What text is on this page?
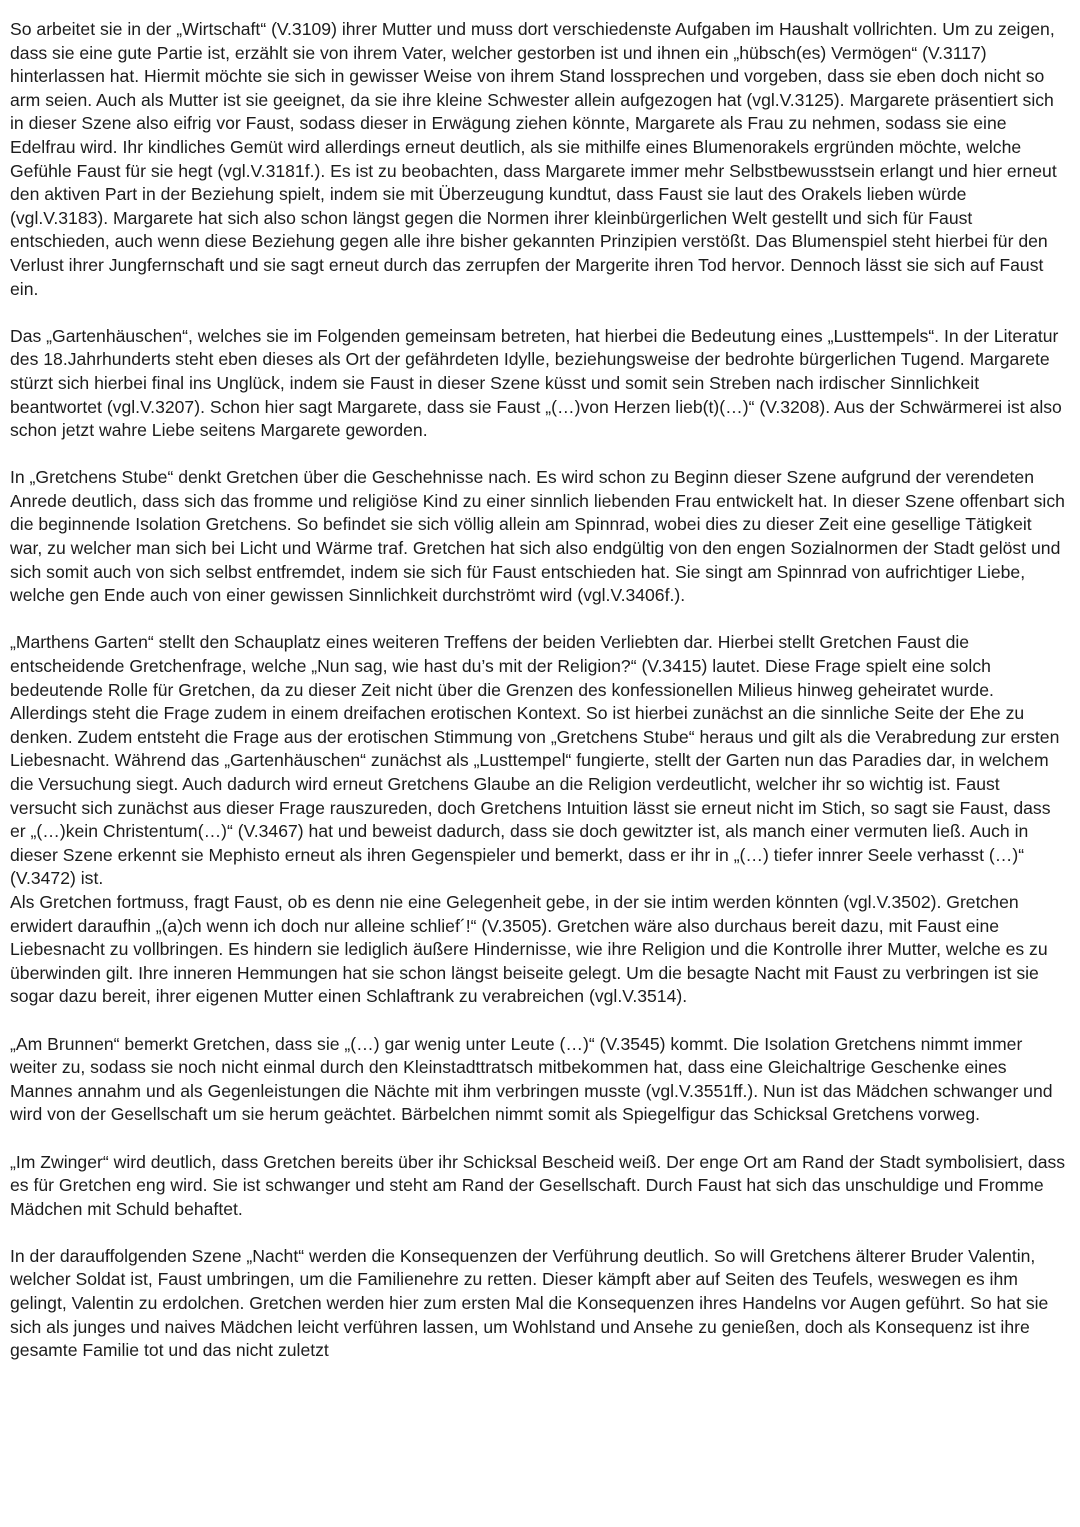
So arbeitet sie in der „Wirtschaft“ (V.3109) ihrer Mutter und muss dort verschiedenste Aufgaben im Haushalt vollrichten. Um zu zeigen, dass sie eine gute Partie ist, erzählt sie von ihrem Vater, welcher gestorben ist und ihnen ein „hübsch(es) Vermögen“ (V.3117) hinterlassen hat. Hiermit möchte sie sich in gewisser Weise von ihrem Stand lossprechen und vorgeben, dass sie eben doch nicht so arm seien. Auch als Mutter ist sie geeignet, da sie ihre kleine Schwester allein aufgezogen hat (vgl.V.3125). Margarete präsentiert sich in dieser Szene also eifrig vor Faust, sodass dieser in Erwägung ziehen könnte, Margarete als Frau zu nehmen, sodass sie eine Edelfrau wird. Ihr kindliches Gemüt wird allerdings erneut deutlich, als sie mithilfe eines Blumenorakels ergründen möchte, welche Gefühle Faust für sie hegt (vgl.V.3181f.). Es ist zu beobachten, dass Margarete immer mehr Selbstbewusstsein erlangt und hier erneut den aktiven Part in der Beziehung spielt, indem sie mit Überzeugung kundtut, dass Faust sie laut des Orakels lieben würde (vgl.V.3183). Margarete hat sich also schon längst gegen die Normen ihrer kleinbürgerlichen Welt gestellt und sich für Faust entschieden, auch wenn diese Beziehung gegen alle ihre bisher gekannten Prinzipien verstößt. Das Blumenspiel steht hierbei für den Verlust ihrer Jungfernschaft und sie sagt erneut durch das zerrupfen der Margerite ihren Tod hervor. Dennoch lässt sie sich auf Faust ein.

Das „Gartenhäuschen“, welches sie im Folgenden gemeinsam betreten, hat hierbei die Bedeutung eines „Lusttempels“. In der Literatur des 18.Jahrhunderts steht eben dieses als Ort der gefährdeten Idylle, beziehungsweise der bedrohte bürgerlichen Tugend. Margarete stürzt sich hierbei final ins Unglück, indem sie Faust in dieser Szene küsst und somit sein Streben nach irdischer Sinnlichkeit beantwortet (vgl.V.3207). Schon hier sagt Margarete, dass sie Faust „(…)von Herzen lieb(t)(…)“ (V.3208). Aus der Schwärmerei ist also schon jetzt wahre Liebe seitens Margarete geworden.

In „Gretchens Stube“ denkt Gretchen über die Geschehnisse nach. Es wird schon zu Beginn dieser Szene aufgrund der verendeten Anrede deutlich, dass sich das fromme und religiöse Kind zu einer sinnlich liebenden Frau entwickelt hat. In dieser Szene offenbart sich die beginnende Isolation Gretchens. So befindet sie sich völlig allein am Spinnrad, wobei dies zu dieser Zeit eine gesellige Tätigkeit war, zu welcher man sich bei Licht und Wärme traf. Gretchen hat sich also endgültig von den engen Sozialnormen der Stadt gelöst und sich somit auch von sich selbst entfremdet, indem sie sich für Faust entschieden hat. Sie singt am Spinnrad von aufrichtiger Liebe, welche gen Ende auch von einer gewissen Sinnlichkeit durchströmt wird (vgl.V.3406f.).

„Marthens Garten“ stellt den Schauplatz eines weiteren Treffens der beiden Verliebten dar. Hierbei stellt Gretchen Faust die entscheidende Gretchenfrage, welche „Nun sag, wie hast du’s mit der Religion?“ (V.3415) lautet. Diese Frage spielt eine solch bedeutende Rolle für Gretchen, da zu dieser Zeit nicht über die Grenzen des konfessionellen Milieus hinweg geheiratet wurde. Allerdings steht die Frage zudem in einem dreifachen erotischen Kontext. So ist hierbei zunächst an die sinnliche Seite der Ehe zu denken. Zudem entsteht die Frage aus der erotischen Stimmung von „Gretchens Stube“ heraus und gilt als die Verabredung zur ersten Liebesnacht. Während das „Gartenhäuschen“ zunächst als „Lusttempel“ fungierte, stellt der Garten nun das Paradies dar, in welchem die Versuchung siegt. Auch dadurch wird erneut Gretchens Glaube an die Religion verdeutlicht, welcher ihr so wichtig ist. Faust versucht sich zunächst aus dieser Frage rauszureden, doch Gretchens Intuition lässt sie erneut nicht im Stich, so sagt sie Faust, dass er „(…)kein Christentum(…)“ (V.3467) hat und beweist dadurch, dass sie doch gewitzter ist, als manch einer vermuten ließ. Auch in dieser Szene erkennt sie Mephisto erneut als ihren Gegenspieler und bemerkt, dass er ihr in „(…) tiefer innrer Seele verhasst (…)“ (V.3472) ist.

Als Gretchen fortmuss, fragt Faust, ob es denn nie eine Gelegenheit gebe, in der sie intim werden könnten (vgl.V.3502). Gretchen erwidert daraufhin „(a)ch wenn ich doch nur alleine schlief´!“ (V.3505). Gretchen wäre also durchaus bereit dazu, mit Faust eine Liebesnacht zu vollbringen. Es hindern sie lediglich äußere Hindernisse, wie ihre Religion und die Kontrolle ihrer Mutter, welche es zu überwinden gilt. Ihre inneren Hemmungen hat sie schon längst beiseite gelegt. Um die besagte Nacht mit Faust zu verbringen ist sie sogar dazu bereit, ihrer eigenen Mutter einen Schlaftrank zu verabreichen (vgl.V.3514).

„Am Brunnen“ bemerkt Gretchen, dass sie „(…) gar wenig unter Leute (…)“ (V.3545) kommt. Die Isolation Gretchens nimmt immer weiter zu, sodass sie noch nicht einmal durch den Kleinstadttratsch mitbekommen hat, dass eine Gleichaltrige Geschenke eines Mannes annahm und als Gegenleistungen die Nächte mit ihm verbringen musste (vgl.V.3551ff.). Nun ist das Mädchen schwanger und wird von der Gesellschaft um sie herum geächtet. Bärbelchen nimmt somit als Spiegelfigur das Schicksal Gretchens vorweg.

„Im Zwinger“ wird deutlich, dass Gretchen bereits über ihr Schicksal Bescheid weiß. Der enge Ort am Rand der Stadt symbolisiert, dass es für Gretchen eng wird. Sie ist schwanger und steht am Rand der Gesellschaft. Durch Faust hat sich das unschuldige und Fromme Mädchen mit Schuld behaftet.

In der darauffolgenden Szene „Nacht“ werden die Konsequenzen der Verführung deutlich. So will Gretchens älterer Bruder Valentin, welcher Soldat ist, Faust umbringen, um die Familienehre zu retten. Dieser kämpft aber auf Seiten des Teufels, weswegen es ihm gelingt, Valentin zu erdolchen. Gretchen werden hier zum ersten Mal die Konsequenzen ihres Handelns vor Augen geführt. So hat sie sich als junges und naives Mädchen leicht verführen lassen, um Wohlstand und Ansehe zu genießen, doch als Konsequenz ist ihre gesamte Familie tot und das nicht zuletzt
